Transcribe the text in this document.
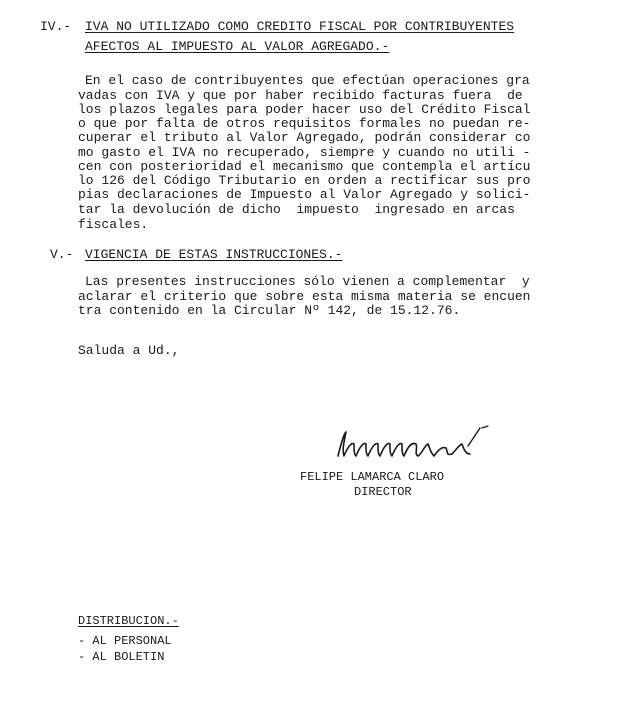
IV.- IVA NO UTILIZADO COMO CREDITO FISCAL POR CONTRIBUYENTES
AFECTOS AL IMPUESTO AL VALOR AGREGADO.-
En el caso de contribuyentes que efectúan operaciones gra
vadas con IVA y que por haber recibido facturas fuera  de
los plazos legales para poder hacer uso del Crédito Fiscal
o que por falta de otros requisitos formales no puedan re-
cuperar el tributo al Valor Agregado, podrán considerar co
mo gasto el IVA no recuperado, siempre y cuando no utili -
cen con posterioridad el mecanismo que contempla el artícu
lo 126 del Código Tributario en orden a rectificar sus pro
pias declaraciones de Impuesto al Valor Agregado y solici-
tar la devolución de dicho  impuesto  ingresado en arcas
fiscales.
V.- VIGENCIA DE ESTAS INSTRUCCIONES.-
Las presentes instrucciones sólo vienen a complementar  y
aclarar el criterio que sobre esta misma materia se encuen
tra contenido en la Circular Nº 142, de 15.12.76.
Saluda a Ud.,
FELIPE LAMARCA CLARO
DIRECTOR
DISTRIBUCION.-
- AL PERSONAL
- AL BOLETIN
